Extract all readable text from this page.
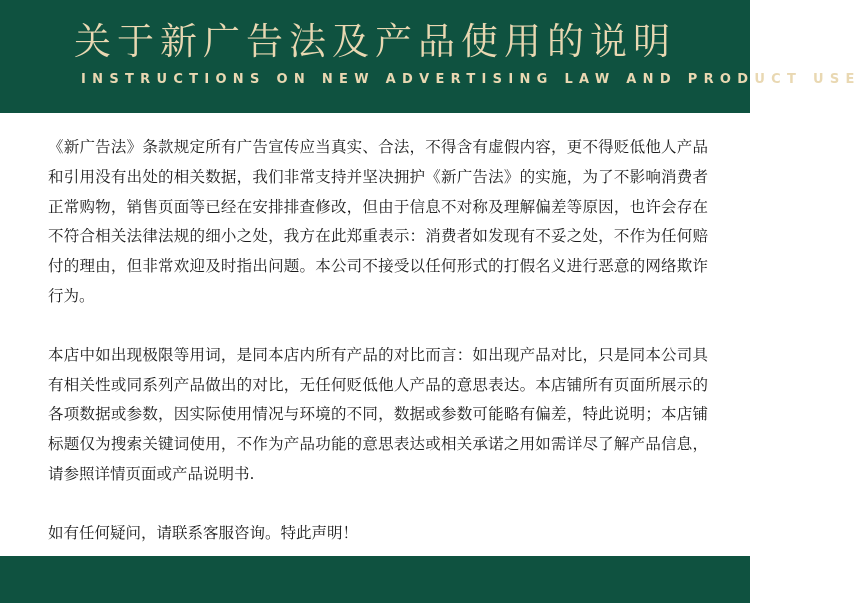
关于新广告法及产品使用的说明
INSTRUCTIONS ON NEW ADVERTISING LAW AND PRODUCT USE

《新广告法》条款规定所有广告宣传应当真实、合法，不得含有虚假内容，更不得贬低他人产品和引用没有出处的相关数据，我们非常支持并坚决拥护《新广告法》的实施，为了不影响消费者正常购物，销售页面等已经在安排排查修改，但由于信息不对称及理解偏差等原因，也许会存在不符合相关法律法规的细小之处，我方在此郑重表示：消费者如发现有不妥之处，不作为任何赔付的理由，但非常欢迎及时指出问题。本公司不接受以任何形式的打假名义进行恶意的网络欺诈行为。

本店中如出现极限等用词，是同本店内所有产品的对比而言：如出现产品对比，只是同本公司具有相关性或同系列产品做出的对比，无任何贬低他人产品的意思表达。本店铺所有页面所展示的各项数据或参数，因实际使用情况与环境的不同，数据或参数可能略有偏差，特此说明；本店铺标题仅为搜索关键词使用，不作为产品功能的意思表达或相关承诺之用如需详尽了解产品信息，请参照详情页面或产品说明书.

如有任何疑问，请联系客服咨询。特此声明！
